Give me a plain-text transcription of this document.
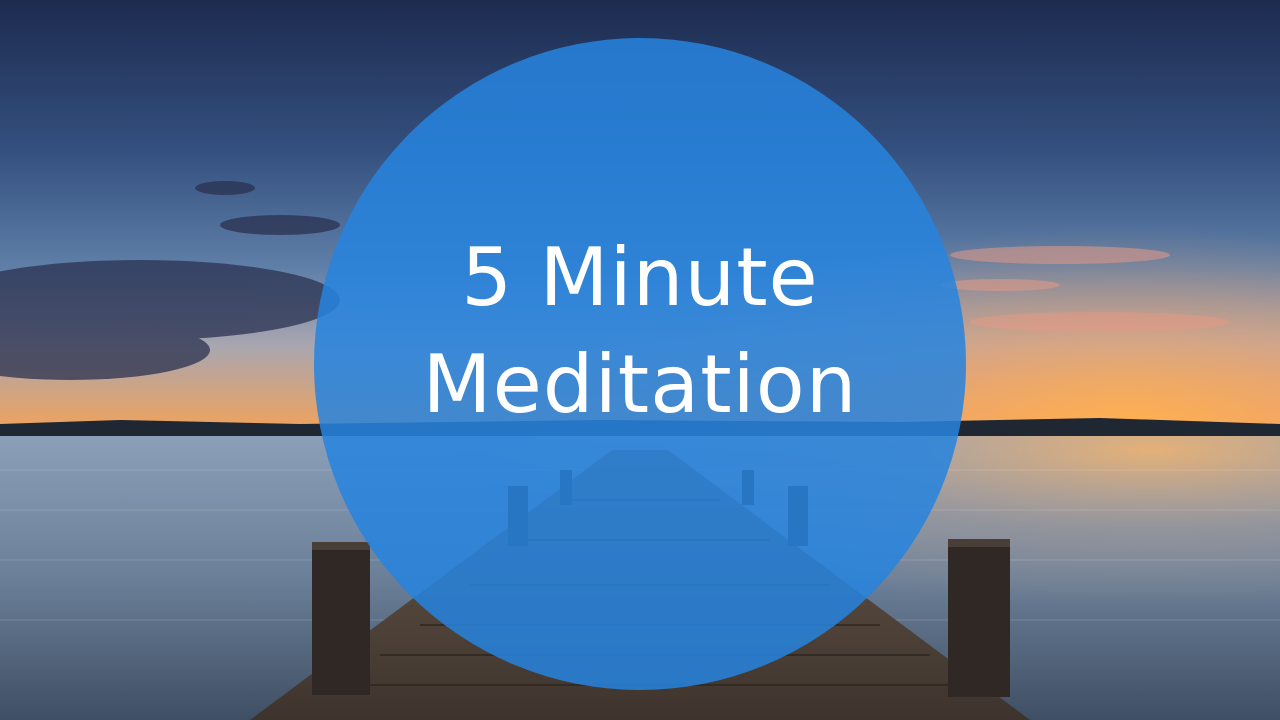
5 Minute
Meditation
